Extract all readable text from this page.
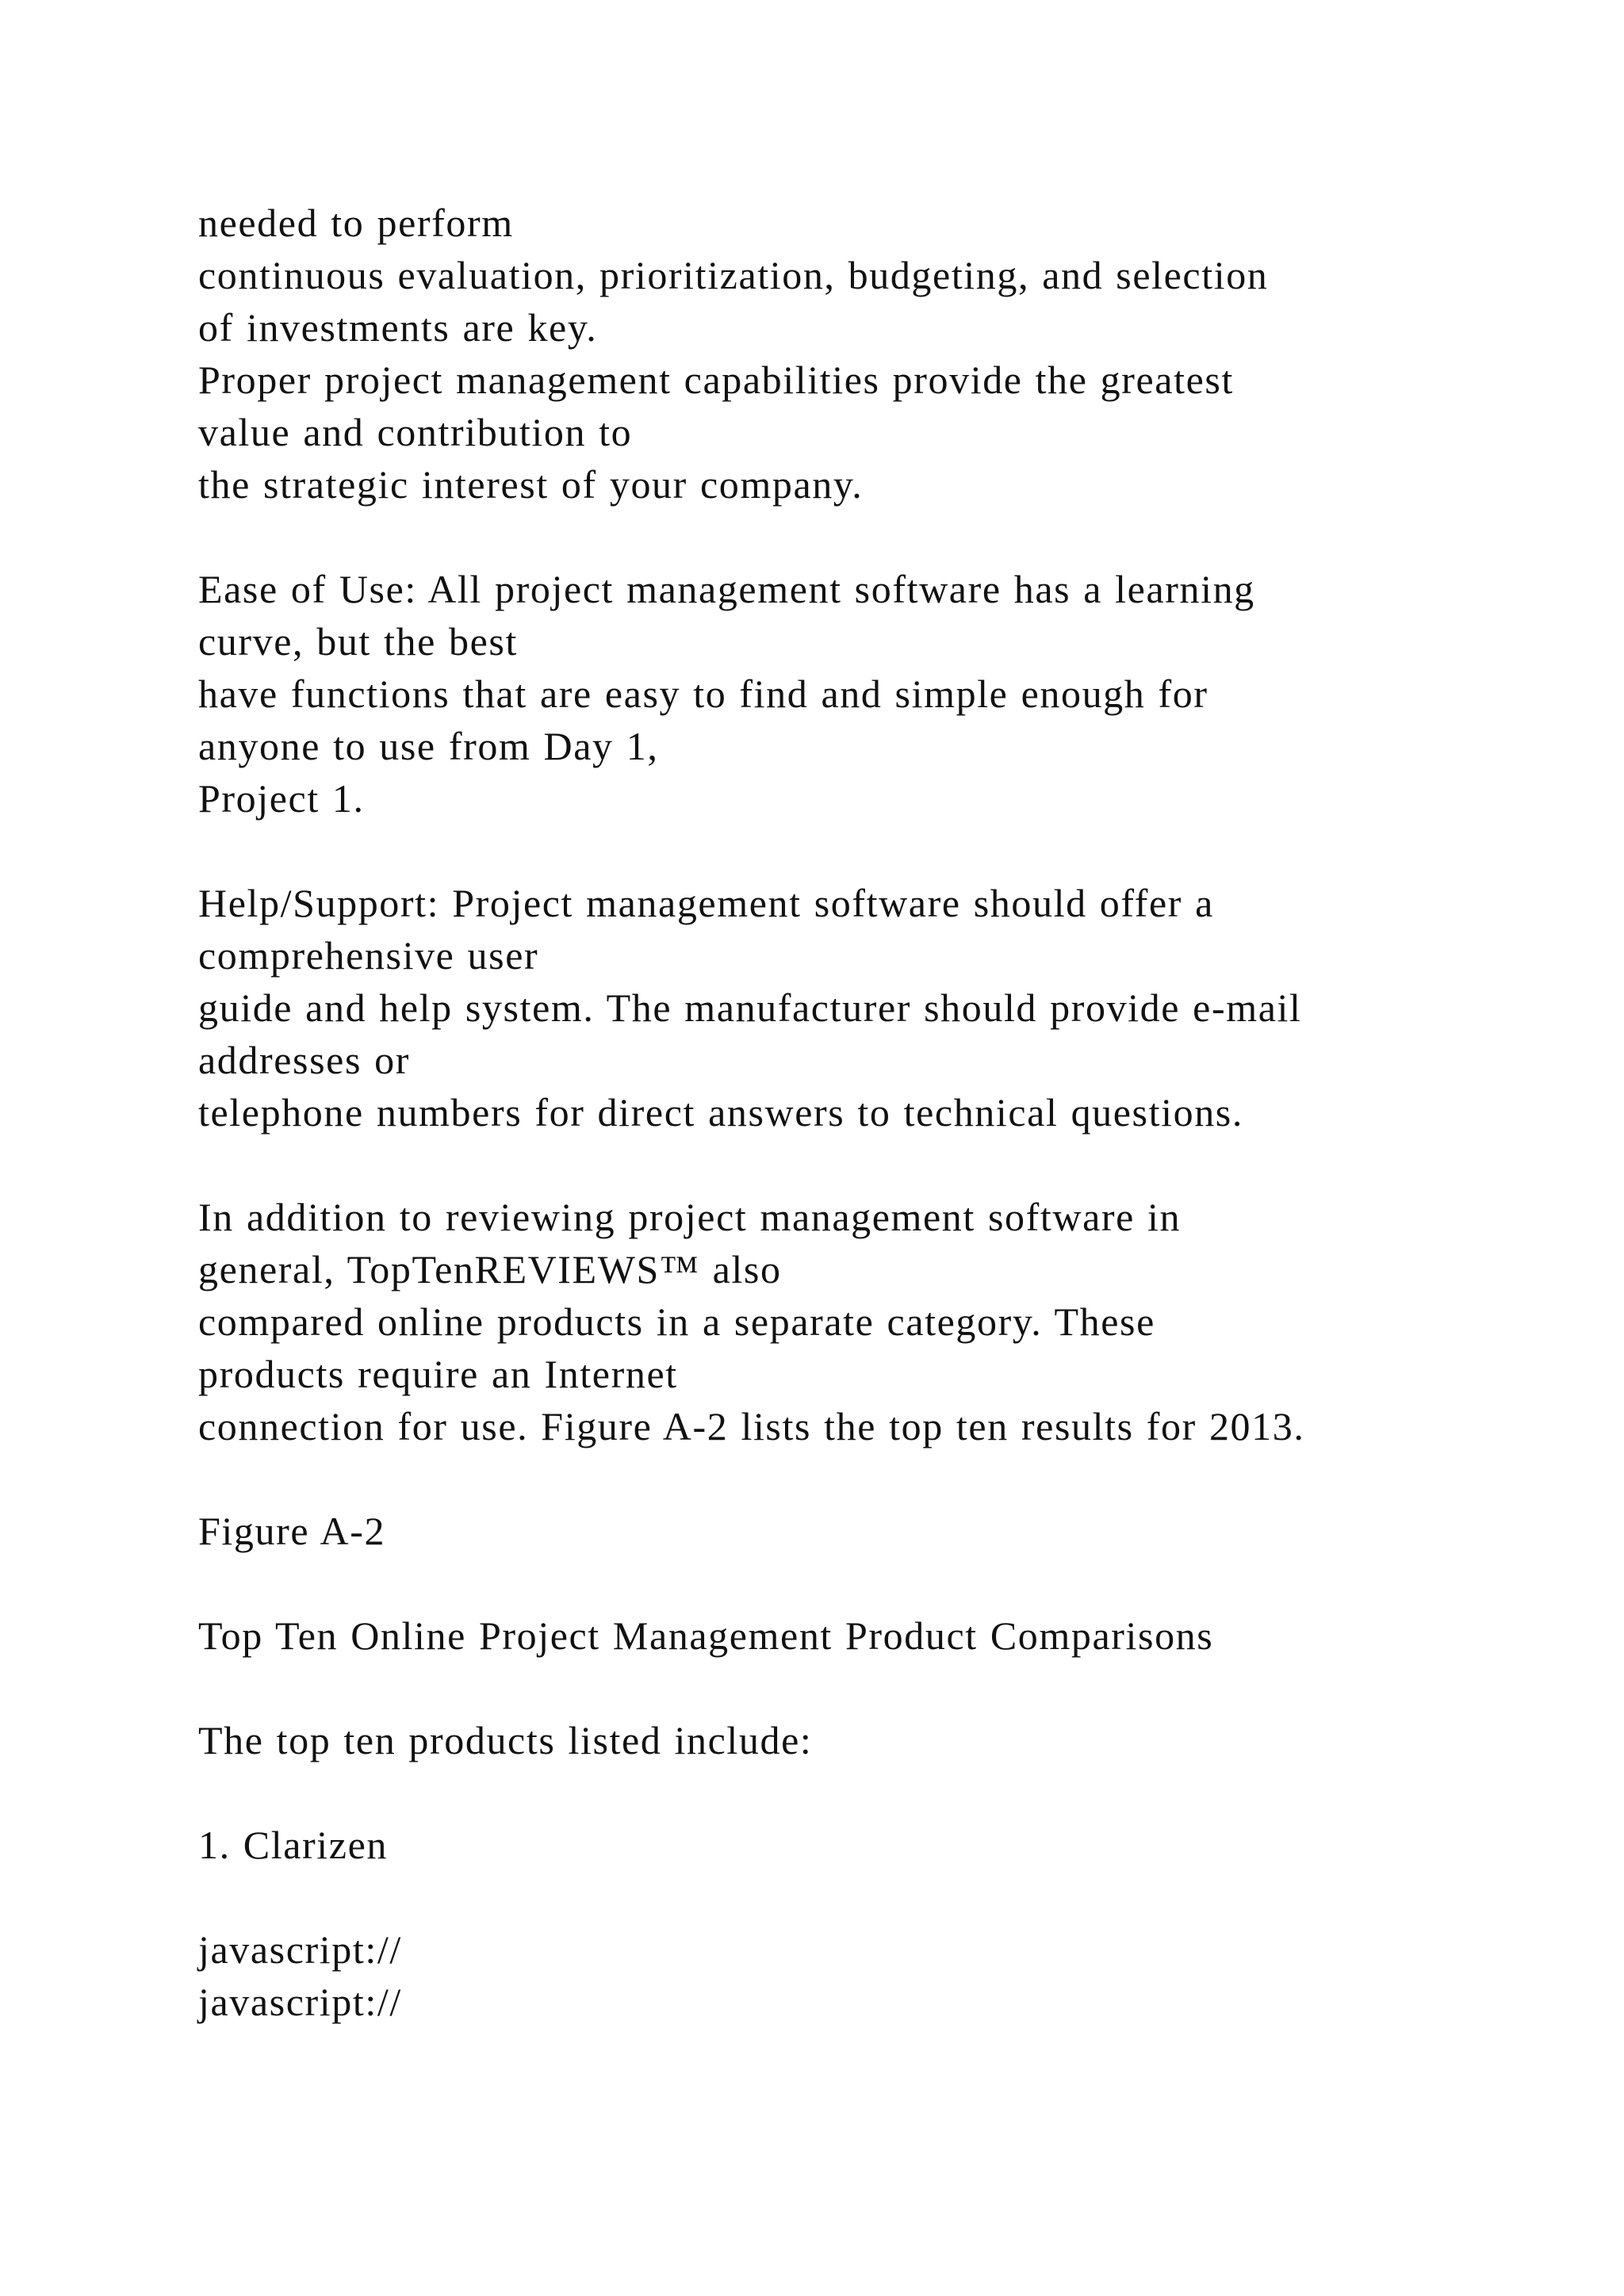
needed to perform
continuous evaluation, prioritization, budgeting, and selection
of investments are key.
Proper project management capabilities provide the greatest
value and contribution to
the strategic interest of your company.
Ease of Use: All project management software has a learning
curve, but the best
have functions that are easy to find and simple enough for
anyone to use from Day 1,
Project 1.
Help/Support: Project management software should offer a
comprehensive user
guide and help system. The manufacturer should provide e-mail
addresses or
telephone numbers for direct answers to technical questions.
In addition to reviewing project management software in
general, TopTenREVIEWS™ also
compared online products in a separate category. These
products require an Internet
connection for use. Figure A-2 lists the top ten results for 2013.
Figure A-2
Top Ten Online Project Management Product Comparisons
The top ten products listed include:
1. Clarizen
javascript://
javascript://
